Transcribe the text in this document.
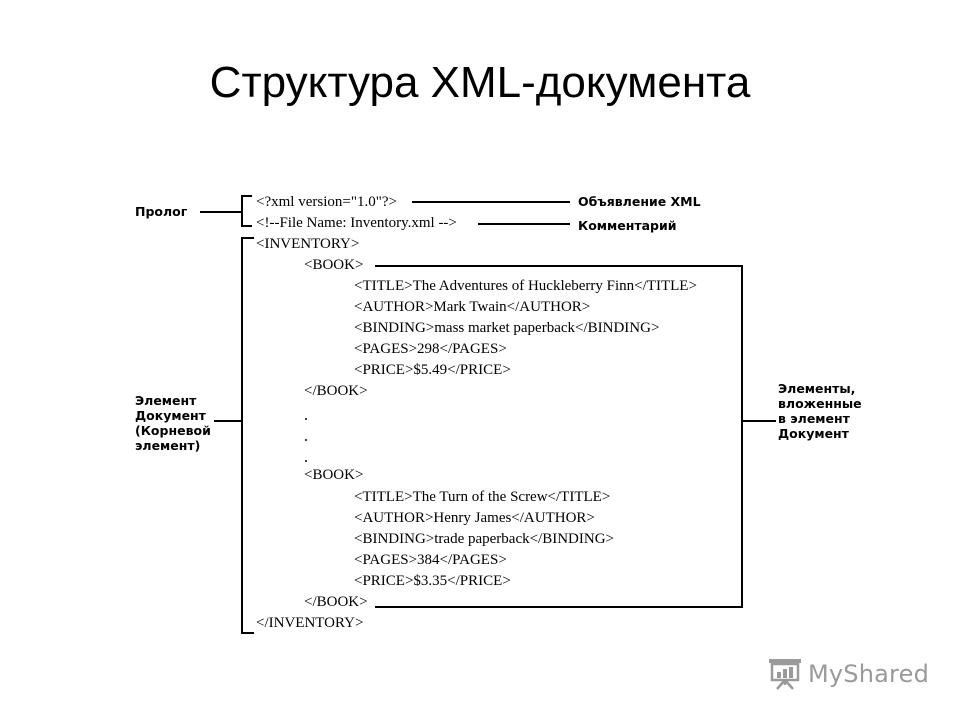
Структура XML-документа
Пролог
Объявление XML
Комментарий
Элемент
Документ
(Корневой
элемент)
Элементы,
вложенные
в элемент
Документ
<?xml version="1.0"?>
<!--File Name: Inventory.xml -->
<INVENTORY>
<BOOK>
<TITLE>The Adventures of Huckleberry Finn</TITLE>
<AUTHOR>Mark Twain</AUTHOR>
<BINDING>mass market paperback</BINDING>
<PAGES>298</PAGES>
<PRICE>$5.49</PRICE>
</BOOK>
<BOOK>
<TITLE>The Turn of the Screw</TITLE>
<AUTHOR>Henry James</AUTHOR>
<BINDING>trade paperback</BINDING>
<PAGES>384</PAGES>
<PRICE>$3.35</PRICE>
</BOOK>
</INVENTORY>
MyShared
